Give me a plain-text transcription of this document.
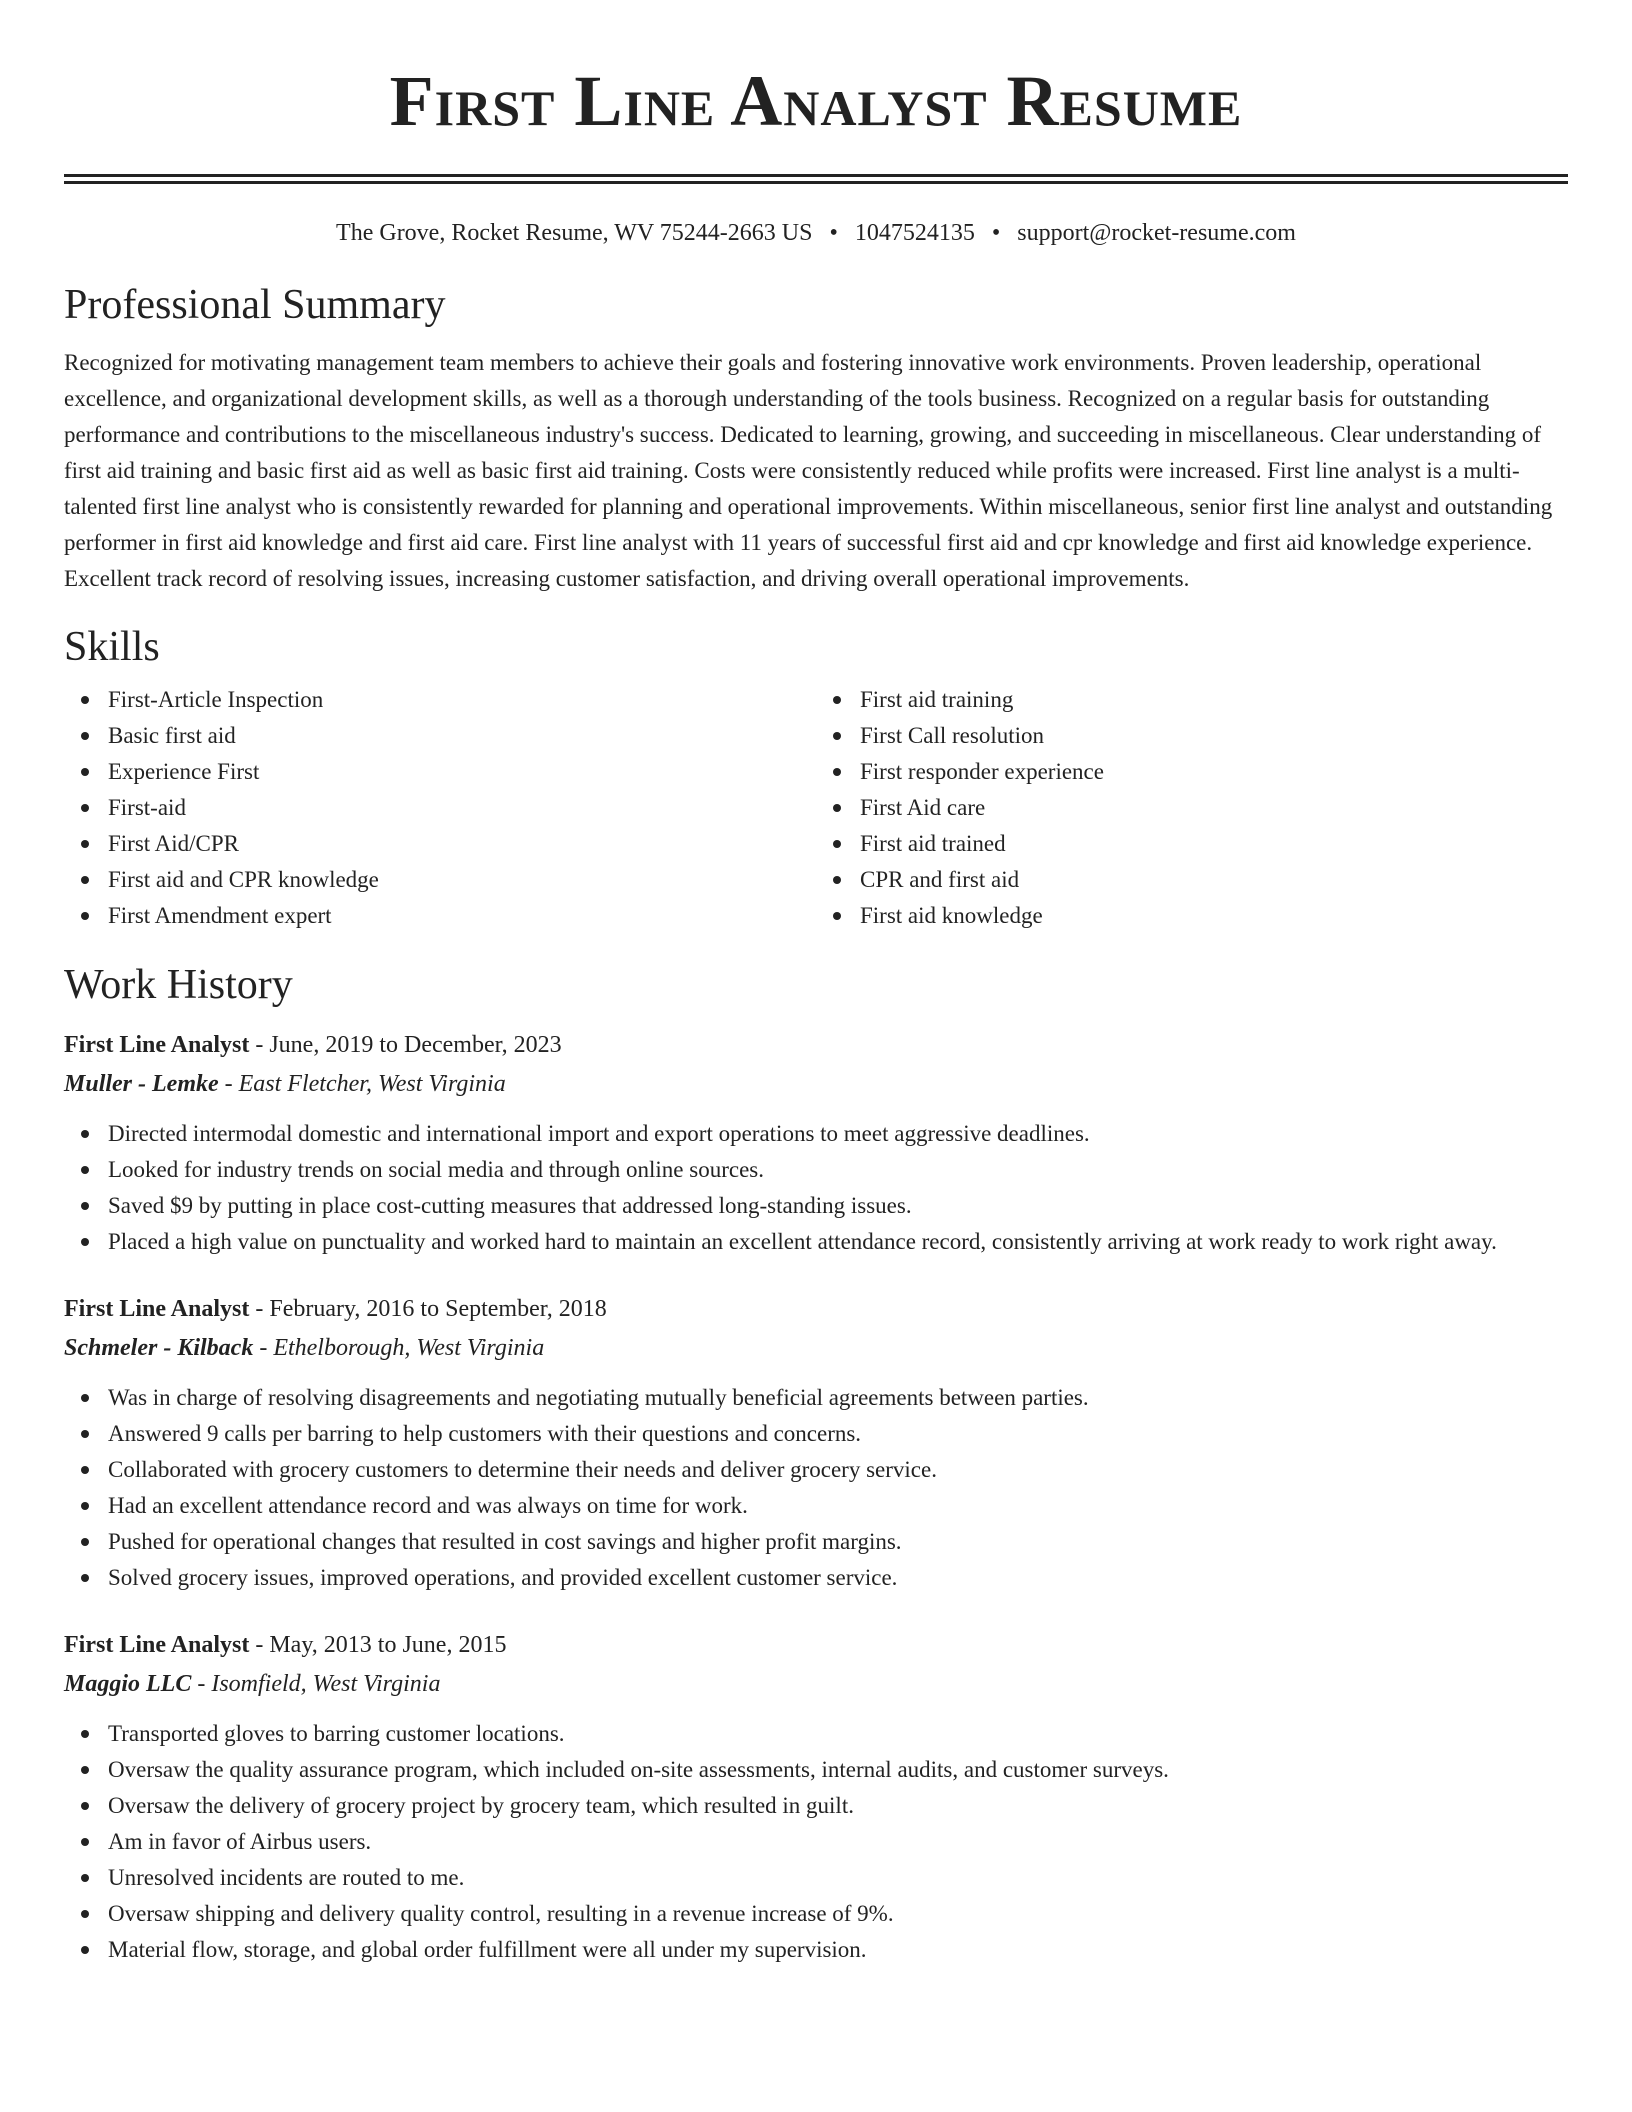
First Line Analyst Resume
The Grove, Rocket Resume, WV 75244-2663 US • 1047524135 • support@rocket-resume.com
Professional Summary

Recognized for motivating management team members to achieve their goals and fostering innovative work environments. Proven leadership, operational excellence, and organizational development skills, as well as a thorough understanding of the tools business. Recognized on a regular basis for outstanding performance and contributions to the miscellaneous industry's success. Dedicated to learning, growing, and succeeding in miscellaneous. Clear understanding of first aid training and basic first aid as well as basic first aid training. Costs were consistently reduced while profits were increased. First line analyst is a multi-talented first line analyst who is consistently rewarded for planning and operational improvements. Within miscellaneous, senior first line analyst and outstanding performer in first aid knowledge and first aid care. First line analyst with 11 years of successful first aid and cpr knowledge and first aid knowledge experience. Excellent track record of resolving issues, increasing customer satisfaction, and driving overall operational improvements.

Skills
First-Article Inspection
Basic first aid
Experience First
First-aid
First Aid/CPR
First aid and CPR knowledge
First Amendment expert
First aid training
First Call resolution
First responder experience
First Aid care
First aid trained
CPR and first aid
First aid knowledge
Work History
First Line Analyst - June, 2019 to December, 2023
Muller - Lemke - East Fletcher, West Virginia
Directed intermodal domestic and international import and export operations to meet aggressive deadlines.
Looked for industry trends on social media and through online sources.
Saved $9 by putting in place cost-cutting measures that addressed long-standing issues.
Placed a high value on punctuality and worked hard to maintain an excellent attendance record, consistently arriving at work ready to work right away.
First Line Analyst - February, 2016 to September, 2018
Schmeler - Kilback - Ethelborough, West Virginia
Was in charge of resolving disagreements and negotiating mutually beneficial agreements between parties.
Answered 9 calls per barring to help customers with their questions and concerns.
Collaborated with grocery customers to determine their needs and deliver grocery service.
Had an excellent attendance record and was always on time for work.
Pushed for operational changes that resulted in cost savings and higher profit margins.
Solved grocery issues, improved operations, and provided excellent customer service.
First Line Analyst - May, 2013 to June, 2015
Maggio LLC - Isomfield, West Virginia
Transported gloves to barring customer locations.
Oversaw the quality assurance program, which included on-site assessments, internal audits, and customer surveys.
Oversaw the delivery of grocery project by grocery team, which resulted in guilt.
Am in favor of Airbus users.
Unresolved incidents are routed to me.
Oversaw shipping and delivery quality control, resulting in a revenue increase of 9%.
Material flow, storage, and global order fulfillment were all under my supervision.
